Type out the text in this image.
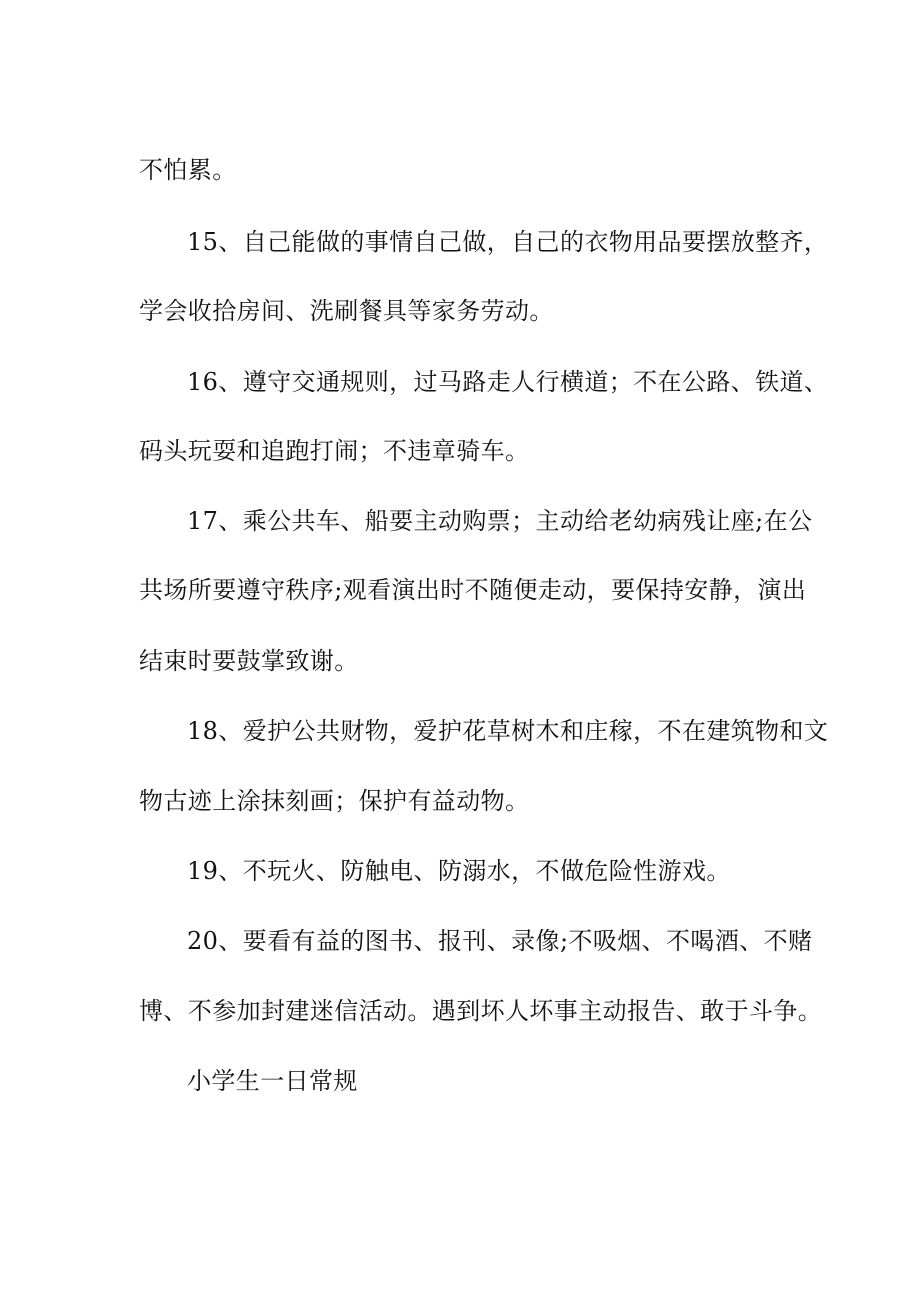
不怕累。
15、自己能做的事情自己做，自己的衣物用品要摆放整齐，
学会收拾房间、洗刷餐具等家务劳动。
16、遵守交通规则，过马路走人行横道；不在公路、铁道、
码头玩耍和追跑打闹；不违章骑车。
17、乘公共车、船要主动购票；主动给老幼病残让座;在公
共场所要遵守秩序;观看演出时不随便走动，要保持安静，演出
结束时要鼓掌致谢。
18、爱护公共财物，爱护花草树木和庄稼，不在建筑物和文
物古迹上涂抹刻画；保护有益动物。
19、不玩火、防触电、防溺水，不做危险性游戏。
20、要看有益的图书、报刊、录像;不吸烟、不喝酒、不赌
博、不参加封建迷信活动。遇到坏人坏事主动报告、敢于斗争。
小学生一日常规
